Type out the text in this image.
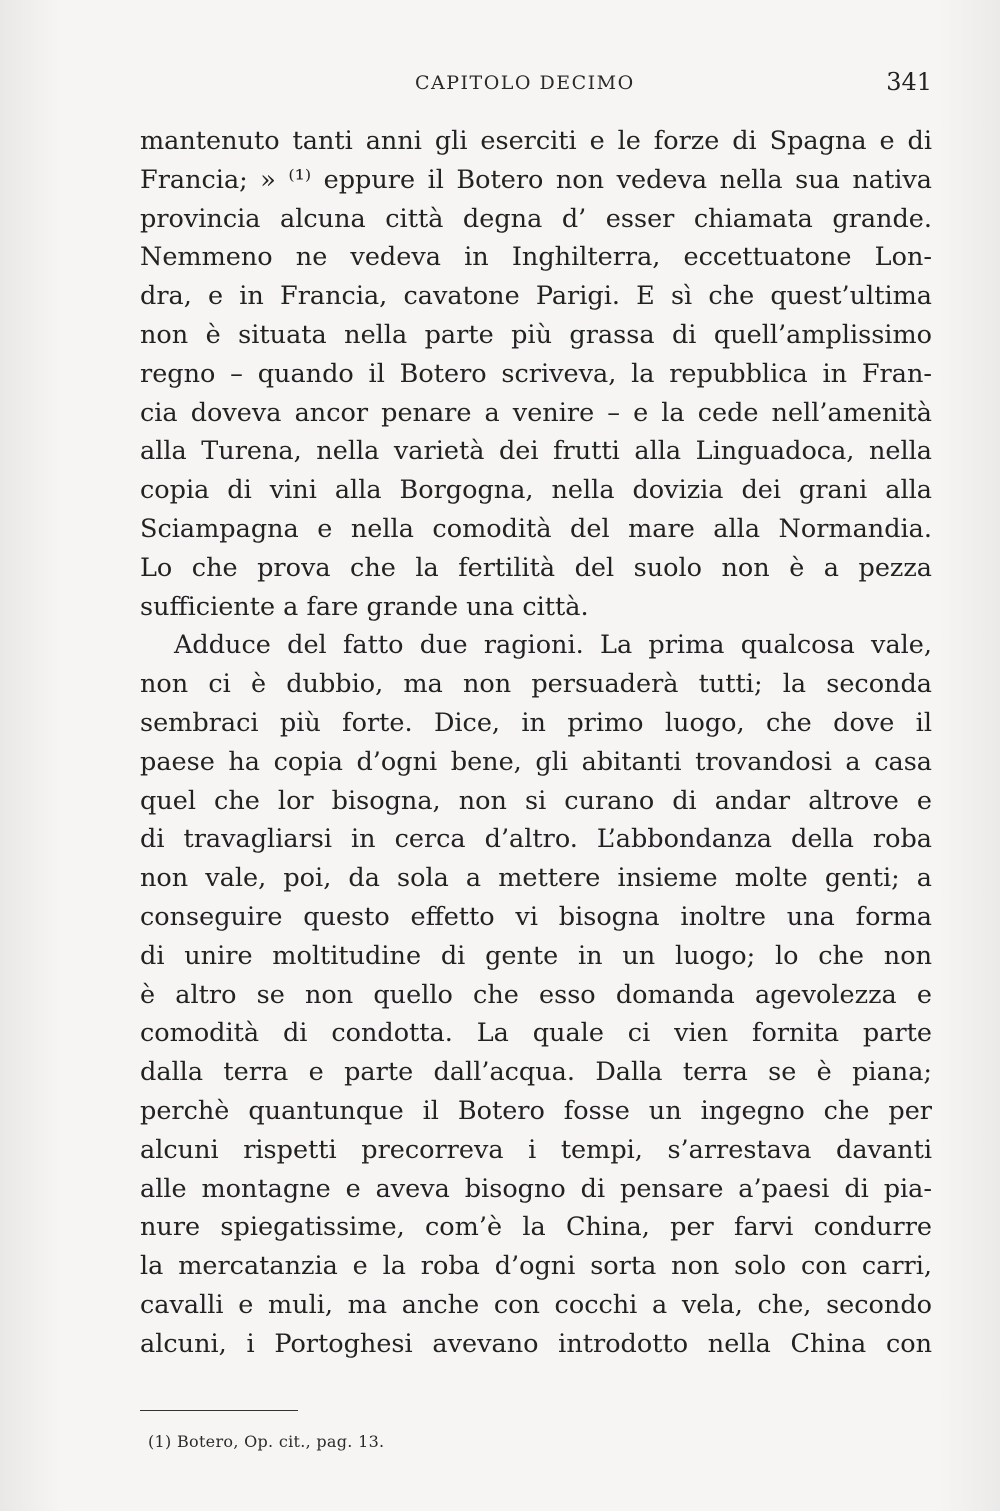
CAPITOLO DECIMO	341
mantenuto tanti anni gli eserciti e le forze di Spagna e di
Francia; » ⁽¹⁾ eppure il Botero non vedeva nella sua nativa
provincia alcuna città degna d’ esser chiamata grande.
Nemmeno ne vedeva in Inghilterra, eccettuatone Lon-
dra, e in Francia, cavatone Parigi. E sì che quest’ultima
non è situata nella parte più grassa di quell’amplissimo
regno – quando il Botero scriveva, la repubblica in Fran-
cia doveva ancor penare a venire – e la cede nell’amenità
alla Turena, nella varietà dei frutti alla Linguadoca, nella
copia di vini alla Borgogna, nella dovizia dei grani alla
Sciampagna e nella comodità del mare alla Normandia.
Lo che prova che la fertilità del suolo non è a pezza
sufficiente a fare grande una città.
Adduce del fatto due ragioni. La prima qualcosa vale,
non ci è dubbio, ma non persuaderà tutti; la seconda
sembraci più forte. Dice, in primo luogo, che dove il
paese ha copia d’ogni bene, gli abitanti trovandosi a casa
quel che lor bisogna, non si curano di andar altrove e
di travagliarsi in cerca d’altro. L’abbondanza della roba
non vale, poi, da sola a mettere insieme molte genti; a
conseguire questo effetto vi bisogna inoltre una forma
di unire moltitudine di gente in un luogo; lo che non
è altro se non quello che esso domanda agevolezza e
comodità di condotta. La quale ci vien fornita parte
dalla terra e parte dall’acqua. Dalla terra se è piana;
perchè quantunque il Botero fosse un ingegno che per
alcuni rispetti precorreva i tempi, s’arrestava davanti
alle montagne e aveva bisogno di pensare a’paesi di pia-
nure spiegatissime, com’è la China, per farvi condurre
la mercatanzia e la roba d’ogni sorta non solo con carri,
cavalli e muli, ma anche con cocchi a vela, che, secondo
alcuni, i Portoghesi avevano introdotto nella China con
(1) Botero, Op. cit., pag. 13.
